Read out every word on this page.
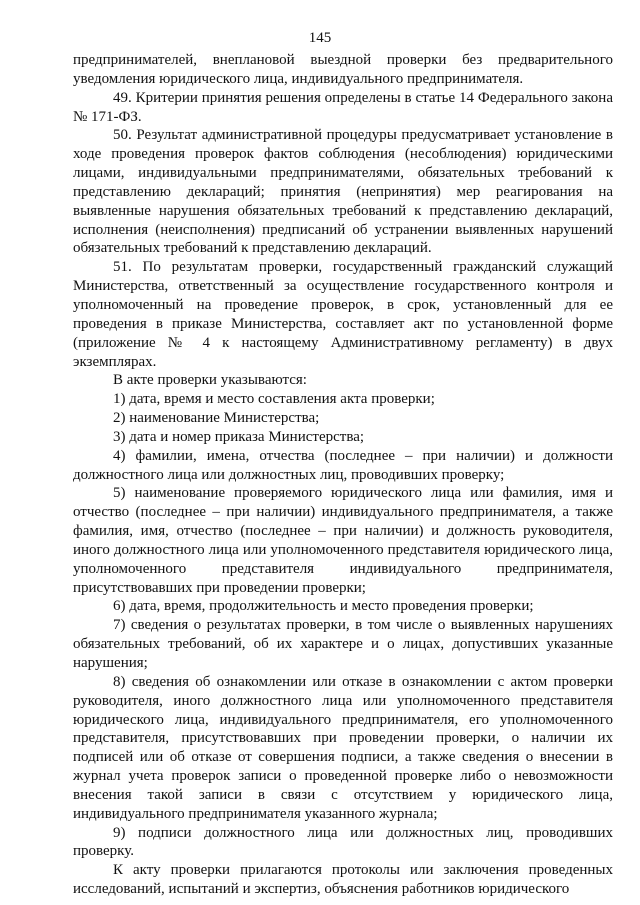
145

предпринимателей, внеплановой выездной проверки без предварительного уведомления юридического лица, индивидуального предпринимателя.

49. Критерии принятия решения определены в статье 14 Федерального закона № 171-ФЗ.

50. Результат административной процедуры предусматривает установление в ходе проведения проверок фактов соблюдения (несоблюдения) юридическими лицами, индивидуальными предпринимателями, обязательных требований к представлению деклараций; принятия (непринятия) мер реагирования на выявленные нарушения обязательных требований к представлению деклараций, исполнения (неисполнения) предписаний об устранении выявленных нарушений обязательных требований к представлению деклараций.

51. По результатам проверки, государственный гражданский служащий Министерства, ответственный за осуществление государственного контроля и уполномоченный на проведение проверок, в срок, установленный для ее проведения в приказе Министерства, составляет акт по установленной форме (приложение № 4 к настоящему Административному регламенту) в двух экземплярах.

В акте проверки указываются:

1) дата, время и место составления акта проверки;

2) наименование Министерства;

3) дата и номер приказа Министерства;

4) фамилии, имена, отчества (последнее – при наличии) и должности должностного лица или должностных лиц, проводивших проверку;

5) наименование проверяемого юридического лица или фамилия, имя и отчество (последнее – при наличии) индивидуального предпринимателя, а также фамилия, имя, отчество (последнее – при наличии) и должность руководителя, иного должностного лица или уполномоченного представителя юридического лица, уполномоченного представителя индивидуального предпринимателя, присутствовавших при проведении проверки;

6) дата, время, продолжительность и место проведения проверки;

7) сведения о результатах проверки, в том числе о выявленных нарушениях обязательных требований, об их характере и о лицах, допустивших указанные нарушения;

8) сведения об ознакомлении или отказе в ознакомлении с актом проверки руководителя, иного должностного лица или уполномоченного представителя юридического лица, индивидуального предпринимателя, его уполномоченного представителя, присутствовавших при проведении проверки, о наличии их подписей или об отказе от совершения подписи, а также сведения о внесении в журнал учета проверок записи о проведенной проверке либо о невозможности внесения такой записи в связи с отсутствием у юридического лица, индивидуального предпринимателя указанного журнала;

9) подписи должностного лица или должностных лиц, проводивших проверку.

К акту проверки прилагаются протоколы или заключения проведенных исследований, испытаний и экспертиз, объяснения работников юридического
